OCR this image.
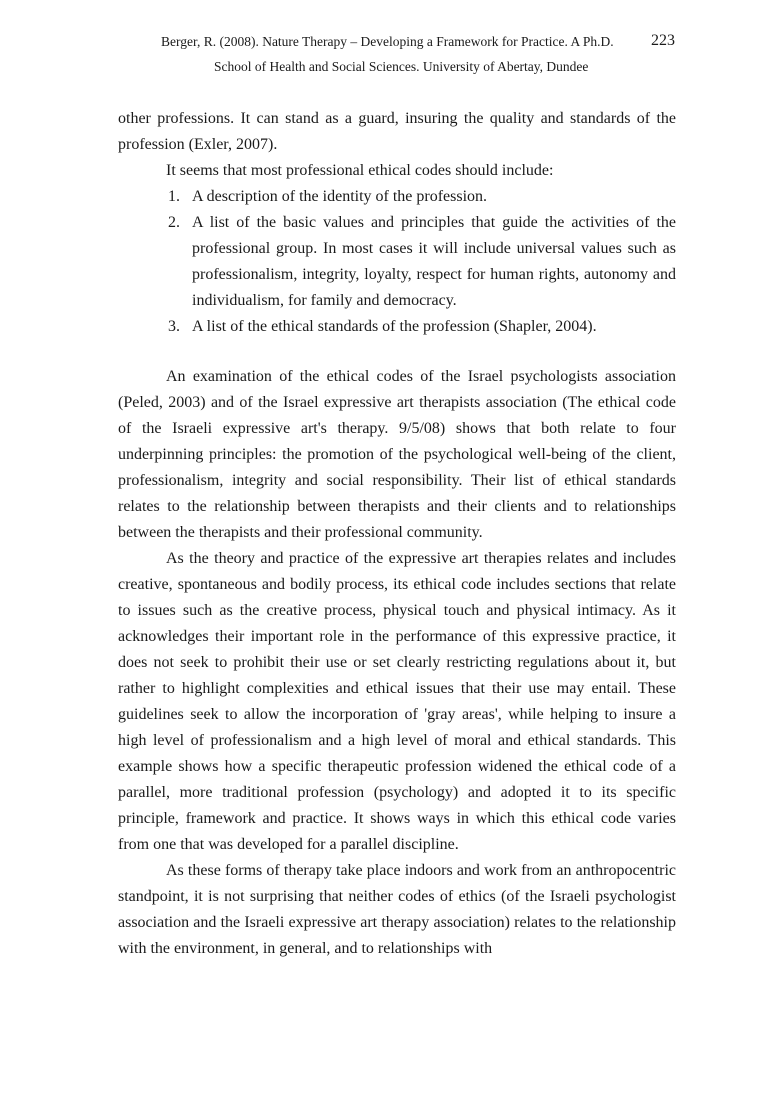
Berger, R. (2008). Nature Therapy – Developing a Framework for Practice. A Ph.D. 223
School of Health and Social Sciences. University of Abertay, Dundee

other professions. It can stand as a guard, insuring the quality and standards of the profession (Exler, 2007).

It seems that most professional ethical codes should include:

1. A description of the identity of the profession.
2. A list of the basic values and principles that guide the activities of the professional group. In most cases it will include universal values such as professionalism, integrity, loyalty, respect for human rights, autonomy and individualism, for family and democracy.
3. A list of the ethical standards of the profession (Shapler, 2004).

An examination of the ethical codes of the Israel psychologists association (Peled, 2003) and of the Israel expressive art therapists association (The ethical code of the Israeli expressive art's therapy. 9/5/08) shows that both relate to four underpinning principles: the promotion of the psychological well-being of the client, professionalism, integrity and social responsibility. Their list of ethical standards relates to the relationship between therapists and their clients and to relationships between the therapists and their professional community.

As the theory and practice of the expressive art therapies relates and includes creative, spontaneous and bodily process, its ethical code includes sections that relate to issues such as the creative process, physical touch and physical intimacy. As it acknowledges their important role in the performance of this expressive practice, it does not seek to prohibit their use or set clearly restricting regulations about it, but rather to highlight complexities and ethical issues that their use may entail. These guidelines seek to allow the incorporation of 'gray areas', while helping to insure a high level of professionalism and a high level of moral and ethical standards. This example shows how a specific therapeutic profession widened the ethical code of a parallel, more traditional profession (psychology) and adopted it to its specific principle, framework and practice. It shows ways in which this ethical code varies from one that was developed for a parallel discipline.

As these forms of therapy take place indoors and work from an anthropocentric standpoint, it is not surprising that neither codes of ethics (of the Israeli psychologist association and the Israeli expressive art therapy association) relates to the relationship with the environment, in general, and to relationships with
